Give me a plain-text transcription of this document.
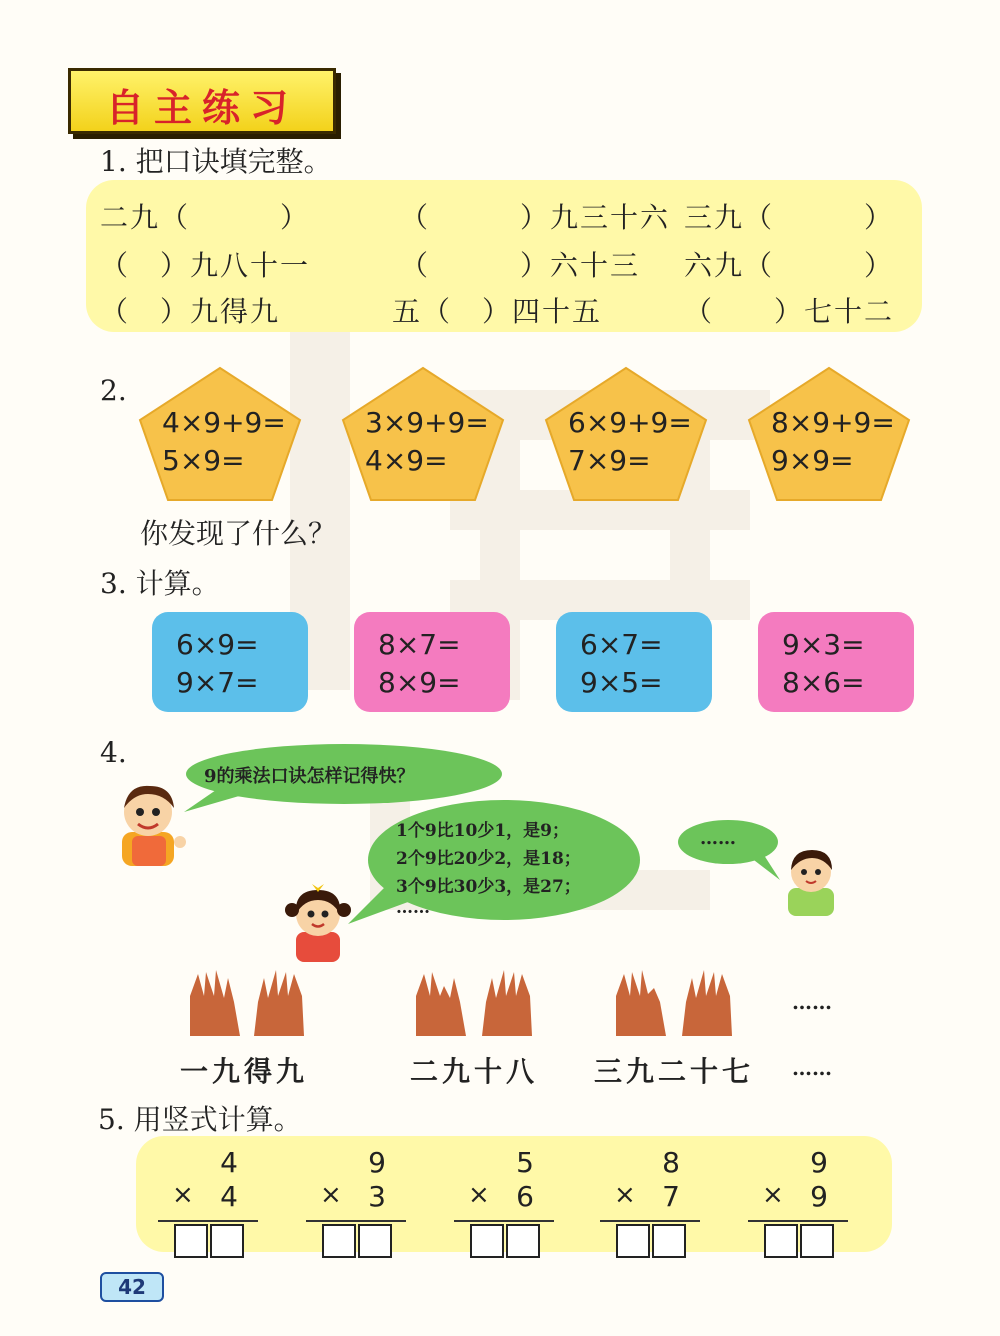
自主练习
1. 把口诀填完整。
二九（　　　）	（　　　）九三十六 三九（　　　）
（　）九八十一	（　　　）六十三 六九（　　　）
（　）九得九	五（　）四十五	（　　）七十二
2.
4×9+9=
5×9=
3×9+9=
4×9=
6×9+9=
7×9=
8×9+9=
9×9=
你发现了什么？
3. 计算。
6×9=
9×7=
8×7=
8×9=
6×7=
9×5=
9×3=
8×6=
4.
9的乘法口诀怎样记得快？
1个9比10少1，是9；
2个9比20少2，是18；
3个9比30少3，是27；
……
……
……
一九得九	二九十八 三九二十七 ……
5. 用竖式计算。
4
× 4
9
× 3
5
× 6
8
× 7
9
× 9
42
